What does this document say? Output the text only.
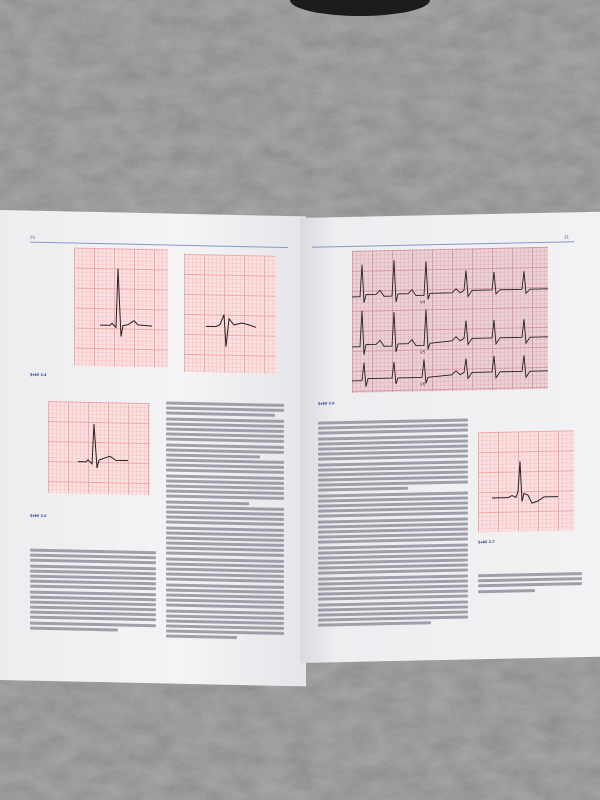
26
Şekil 3.4
Şekil 3.5
31
V4
V5
V6
Şekil 3.6
Şekil 3.7
